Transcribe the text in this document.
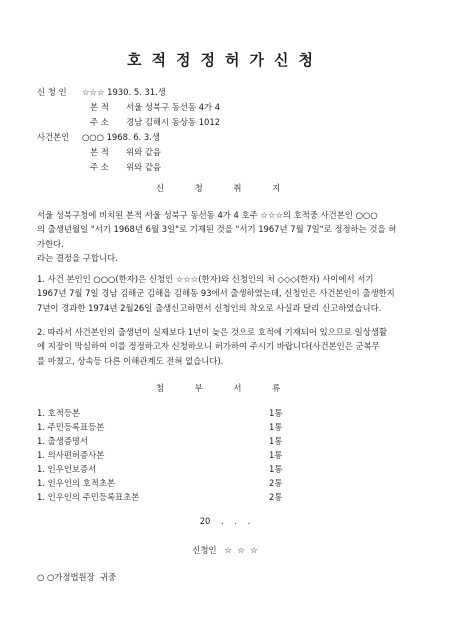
호적정정허가신청
신 청 인 ☆☆☆ 1930. 5. 31.생
본 적 서울 성북구 동선동 4가 4
주 소 경남 김해시 동상동 1012
사건본인 ○○○ 1968. 6. 3.생
본 적 위와 같음
주 소 위와 같음
신 청 취 지

서울 성북구청에 비치된 본적 서울 성북구 동선동 4가 4 호주 ☆☆☆의 호적중 사건본인 ○○○

의 출생년월일 "서기 1968년 6월 3일"로 기재된 것을 "서기 1967년 7월 7일"로 정정하는 것을 허

가한다.

라는 결정을 구합니다.

1. 사건 본인인 ○○○(한자)은 신청인 ☆☆☆(한자)와 신청인의 처 ◇◇◇(한자) 사이에서 서기

1967년 7월 7일 경남 김해군 김해읍 김해동 93에서 출생하였는데, 신청인은 사건본인이 출생한지

7년이 경과한 1974년 2월26일 출생신고하면서 신청인의 착오로 사실과 달리 신고하였습니다.

2. 따라서 사건본인의 출생년이 실제보다 1년이 늦은 것으로 호적에 기재되어 있으므로 일상생활

에 지장이 막심하여 이를 정정하고자 신청하오니 허가하여 주시기 바랍니다(사건본인은 군복무

를 마쳤고, 상속등 다른 이해관계도 전혀 없습니다).

첨 부 서 류
1. 호적등본	1통
1. 주민등록표등본	1통
1. 출생증명서	1통
1. 의사편허증사본	1통
1. 인우인보증서	1통
1. 인우인의 호적초본	2통
1. 인우인의 주민등록표초본	2통
20    .    .    .
신청인   ☆  ☆  ☆
○ ○가정법원장  귀중
